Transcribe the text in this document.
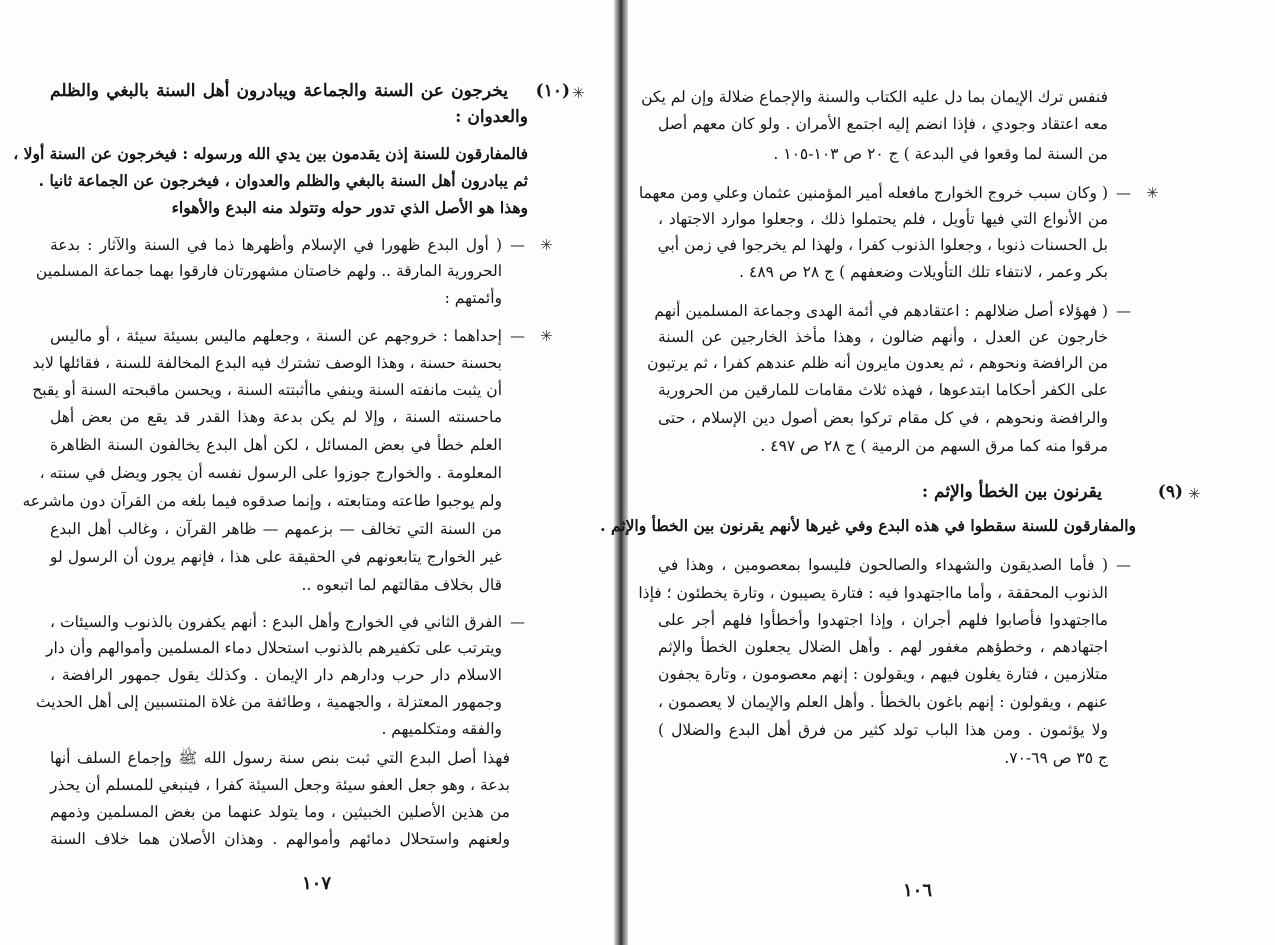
فنفس ترك الإيمان بما دل عليه الكتاب والسنة والإجماع ضلالة وإن لم يكن
معه اعتقاد وجودي ، فإذا انضم إليه اجتمع الأمران . ولو كان معهم أصل
من السنة لما وقعوا في البدعة ) ج ٢٠ ص ١٠٣-١٠٥ .
✳
—
( وكان سبب خروج الخوارج مافعله أمير المؤمنين عثمان وعلي ومن معهما
من الأنواع التي فيها تأويل ، فلم يحتملوا ذلك ، وجعلوا موارد الاجتهاد ،
بل الحسنات ذنوبا ، وجعلوا الذنوب كفرا ، ولهذا لم يخرجوا في زمن أبي
بكر وعمر ، لانتفاء تلك التأويلات وضعفهم ) ج ٢٨ ص ٤٨٩ .
—
( فهؤلاء أصل ضلالهم : اعتقادهم في أئمة الهدى وجماعة المسلمين أنهم
خارجون عن العدل ، وأنهم ضالون ، وهذا مأخذ الخارجين عن السنة
من الرافضة ونحوهم ، ثم يعدون مايرون أنه ظلم عندهم كفرا ، ثم يرتبون
على الكفر أحكاما ابتدعوها ، فهذه ثلاث مقامات للمارقين من الحرورية
والرافضة ونحوهم ، في كل مقام تركوا بعض أصول دين الإسلام ، حتى
مرقوا منه كما مرق السهم من الرمية ) ج ٢٨ ص ٤٩٧ .
✳
(٩)
يقرنون بين الخطأ والإثم :
والمفارقون للسنة سقطوا في هذه البدع وفي غيرها لأنهم يقرنون بين الخطأ والإثم .
—
( فأما الصديقون والشهداء والصالحون فليسوا بمعصومين ، وهذا في
الذنوب المحققة ، وأما مااجتهدوا فيه : فتارة يصيبون ، وتارة يخطئون ؛ فإذا
مااجتهدوا فأصابوا فلهم أجران ، وإذا اجتهدوا وأخطأوا فلهم أجر على
اجتهادهم ، وخطؤهم مغفور لهم . وأهل الضلال يجعلون الخطأ والإثم
متلازمين ، فتارة يغلون فيهم ، ويقولون : إنهم معصومون ، وتارة يجفون
عنهم ، ويقولون : إنهم باغون بالخطأ . وأهل العلم والإيمان لا يعصمون ،
ولا يؤثمون . ومن هذا الباب تولد كثير من فرق أهل البدع والضلال )
ج ٣٥ ص ٦٩-٧٠.
١٠٦
✳
(١٠)
يخرجون عن السنة والجماعة ويبادرون أهل السنة بالبغي والظلم
والعدوان :
فالمفارقون للسنة إذن يقدمون بين يدي الله ورسوله : فيخرجون عن السنة أولا ،
ثم يبادرون أهل السنة بالبغي والظلم والعدوان ، فيخرجون عن الجماعة ثانيا .
وهذا هو الأصل الذي تدور حوله وتتولد منه البدع والأهواء
✳
—
( أول البدع ظهورا في الإسلام وأظهرها ذما في السنة والآثار : بدعة
الحرورية المارقة .. ولهم خاصتان مشهورتان فارقوا بهما جماعة المسلمين
وأئمتهم :
✳
—
إحداهما : خروجهم عن السنة ، وجعلهم ماليس بسيئة سيئة ، أو ماليس
بحسنة حسنة ، وهذا الوصف تشترك فيه البدع المخالفة للسنة ، فقائلها لابد
أن يثبت مانفته السنة وينفي ماأثبتته السنة ، ويحسن ماقبحته السنة أو يقبح
ماحسنته السنة ، وإلا لم يكن بدعة وهذا القدر قد يقع من بعض أهل
العلم خطأ في بعض المسائل ، لكن أهل البدع يخالفون السنة الظاهرة
المعلومة . والخوارج جوزوا على الرسول نفسه أن يجور ويضل في سنته ،
ولم يوجبوا طاعته ومتابعته ، وإنما صدقوه فيما بلغه من القرآن دون ماشرعه
من السنة التي تخالف — بزعمهم — ظاهر القرآن ، وغالب أهل البدع
غير الخوارج يتابعونهم في الحقيقة على هذا ، فإنهم يرون أن الرسول لو
قال بخلاف مقالتهم لما اتبعوه ..
—
الفرق الثاني في الخوارج وأهل البدع : أنهم يكفرون بالذنوب والسيئات ،
ويترتب على تكفيرهم بالذنوب استحلال دماء المسلمين وأموالهم وأن دار
الاسلام دار حرب ودارهم دار الإيمان . وكذلك يقول جمهور الرافضة ،
وجمهور المعتزلة ، والجهمية ، وطائفة من غلاة المنتسبين إلى أهل الحديث
والفقه ومتكلميهم .
فهذا أصل البدع التي ثبت بنص سنة رسول الله ﷺ وإجماع السلف أنها
بدعة ، وهو جعل العفو سيئة وجعل السيئة كفرا ، فينبغي للمسلم أن يحذر
من هذين الأصلين الخبيثين ، وما يتولد عنهما من بغض المسلمين وذمهم
ولعنهم واستحلال دمائهم وأموالهم . وهذان الأصلان هما خلاف السنة
١٠٧
